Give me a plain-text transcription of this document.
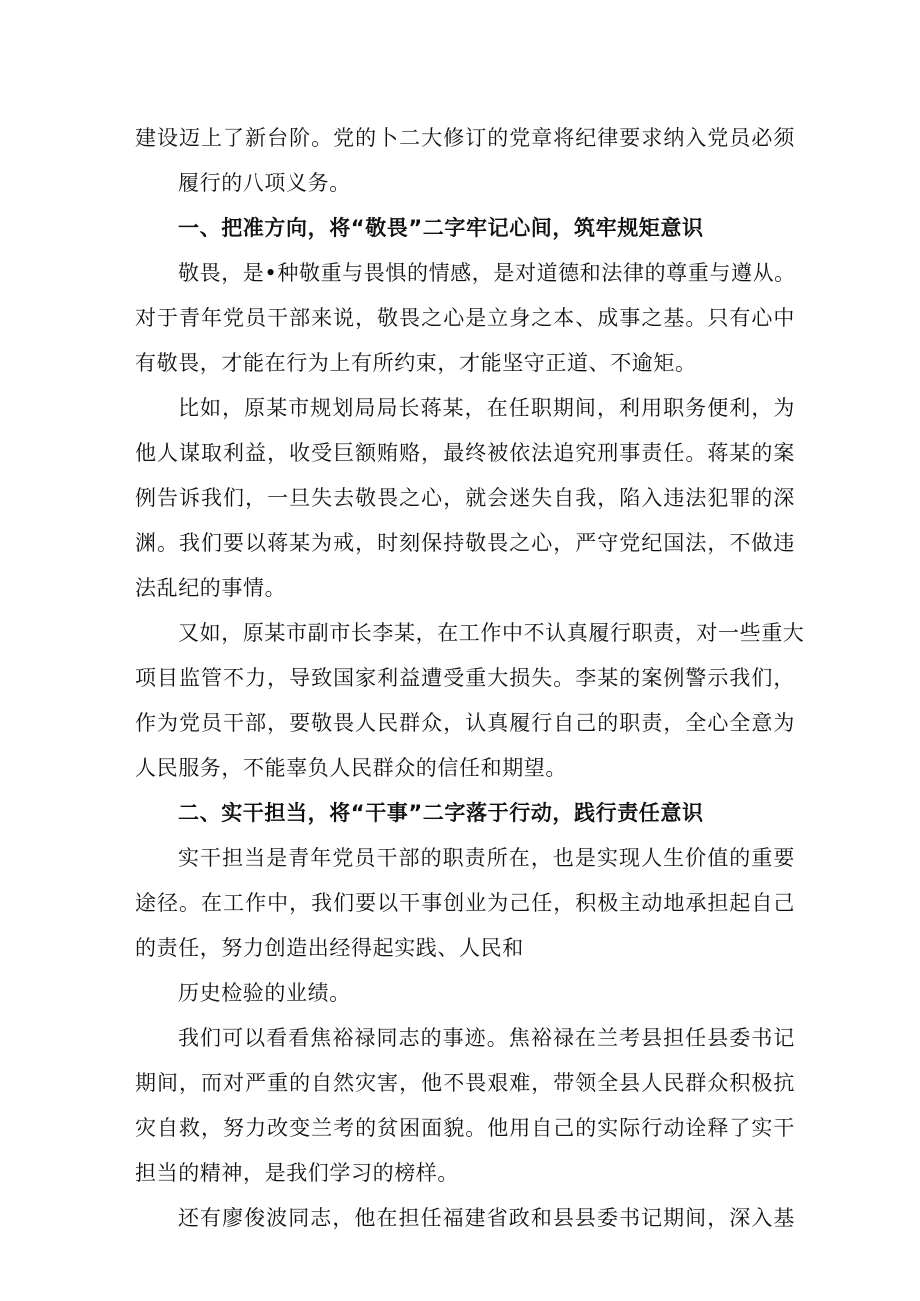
建设迈上了新台阶。党的卜二大修订的党章将纪律要求纳入党员必须
履行的八项义务。
一、把准方向，将“敬畏”二字牢记心间，筑牢规矩意识
敬畏，是•种敬重与畏惧的情感，是对道德和法律的尊重与遵从。
对于青年党员干部来说，敬畏之心是立身之本、成事之基。只有心中
有敬畏，才能在行为上有所约束，才能坚守正道、不逾矩。
比如，原某市规划局局长蒋某，在任职期间，利用职务便利，为
他人谋取利益，收受巨额贿赂，最终被依法追究刑事责任。蒋某的案
例告诉我们，一旦失去敬畏之心，就会迷失自我，陷入违法犯罪的深
渊。我们要以蒋某为戒，时刻保持敬畏之心，严守党纪国法，不做违
法乱纪的事情。
又如，原某市副市长李某，在工作中不认真履行职责，对一些重大
项目监管不力，导致国家利益遭受重大损失。李某的案例警示我们，
作为党员干部，要敬畏人民群众，认真履行自己的职责，全心全意为
人民服务，不能辜负人民群众的信任和期望。
二、实干担当，将“干事”二字落于行动，践行责任意识
实干担当是青年党员干部的职责所在，也是实现人生价值的重要
途径。在工作中，我们要以干事创业为己任，积极主动地承担起自己
的责任，努力创造出经得起实践、人民和
历史检验的业绩。
我们可以看看焦裕禄同志的事迹。焦裕禄在兰考县担任县委书记
期间，而对严重的自然灾害，他不畏艰难，带领全县人民群众积极抗
灾自救，努力改变兰考的贫困面貌。他用自己的实际行动诠释了实干
担当的精神，是我们学习的榜样。
还有廖俊波同志，他在担任福建省政和县县委书记期间，深入基
